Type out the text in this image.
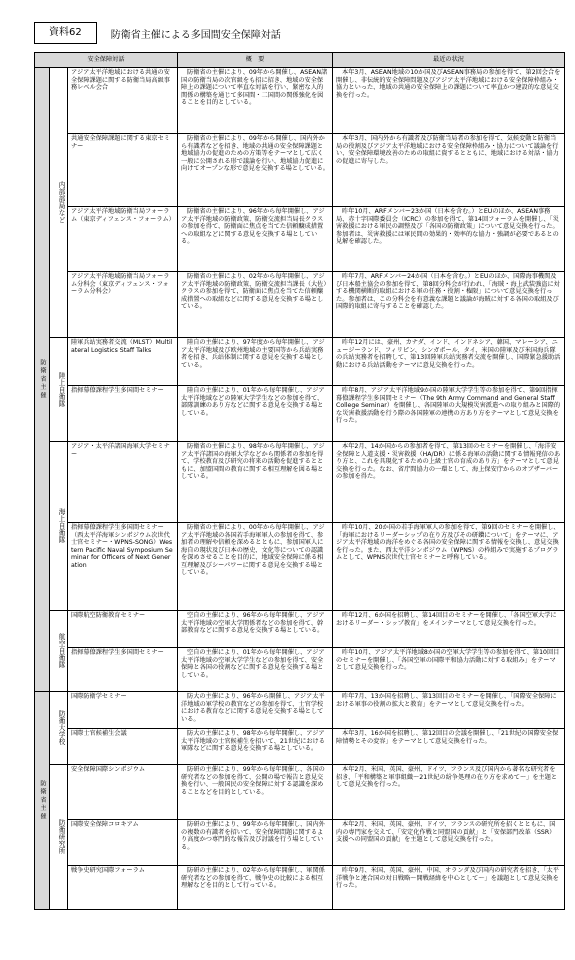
資料62	防衛省主催による多国間安全保障対話
安全保障対話			概　要	最近の状況
防衛省主催	内部部局など	アジア太平洋地域における共通の安全保障課題に関する防衛当局高級事務レベル会合	防衛省の主催により、09年から開催し、ASEAN諸国の防衛当局の次官級をも招に招き、地域の安全保障上の課題について率直な対話を行い、緊密な人的関係の構築を通じて多国間・二国間の関係強化を図ることを目的としている。	本年3月、ASEAN地域の10か国及びASEAN事務局の参加を得て、第2回会合を開催し、非伝統的安全保障問題及びアジア太平洋地域における安全保障枠組み・協力といった、地域の共通の安全保障上の課題について率直かつ建設的な意見交換を行った。
		共通安全保障課題に関する東京セミナー	防衛省の主催により、09年から開催し、国内外から有識者などを招き、地域の共通の安全保障課題と地域協力の促進のための方策等をテーマとして広く一般に公開される形で議論を行い、地域協力促進に向けてオープンな形で意見を交換する場としている。	本年3月、国内外から有識者及び防衛当局者の参加を得て、気候変動と防衛当局の役割及びアジア太平洋地域における安全保障枠組み・協力について議論を行い、安全保障環境改善のための取組に資するとともに、地域における対話・協力の促進に寄与した。
		アジア太平洋地域防衛当局フォーラム（東京ディフェンス・フォーラム）	防衛省の主催により、96年から毎年開催し、アジア太平洋地域の防衛政策、防衛交流担当局長クラスの参加を得て、防衛面に焦点を当てた信頼醸成措置への取組などに関する意見を交換する場としている。	昨年10月、ARFメンバー23か国（日本を含む。）とEUのほか、ASEAN事務局、赤十字国際委員会（ICRC）の参加を得て、第14回フォーラムを開催し、「災害救援における軍民の調整及び「各国の防衛政策」について意見交換を行った。参加者は、災害救援には軍民間の効果的・効率的な協力・強調が必要であるとの見解を確認した。
		アジア太平洋地域防衛当局フォーラム分科会（東京ディフェンス・フォーラム分科会）	防衛省の主催により、02年から毎年開催し、アジア太平洋地域の防衛政策、防衛交流担当課長（大佐）クラスの参加を得て、防衛面に焦点を当てた信頼醸成措置への取組などに関する意見を交換する場としている。	昨年7月、ARFメンバー24か国（日本を含む。）とEUのほか、国際海事機関及び日本船主協会の参加を得て、第8回分科会が行われ、「海賊・海上武装強盗に対する機関横断的取組における軍の任務・役割・権限」について意見交換を行った。参加者は、この分科会を有意義な課題と議論が海賊に対する各国の取組及び国際的取組に寄与することを確認した。
	陸上自衛隊	陸軍兵站実務者交流（MLST）Multilateral Logistics Staff Talks	陸自の主催により、97年度から毎年開催し、アジア太平洋地域及び欧州地域の主要国等から兵站実務者を招き、兵站体制に関する意見を交換する場としている。	昨年12月には、豪州、カナダ、インド、インドネシア、韓国、マレーシア、ニュージーランド、フィリピン、シンガポール、タイ、米国の陸軍及び米国海兵隊の兵站実務者を招聘して、第13回陸軍兵站実務者交流を開催し、国際緊急援助活動における兵站活動をテーマに意見交換を行った。
		指揮幕僚課程学生多国間セミナー	陸自の主催により、01年から毎年開催し、アジア太平洋地域などの陸軍大学学生などの参加を得て、部隊訓練のあり方などに関する意見を交換する場としている。	昨年8月、アジア太平洋地域9か国の陸軍大学学生等の参加を得て、第9回指揮幕僚課程学生多国間セミナー（The 9th Army Command and General Staff College Seminar）を開催し、各国陸軍の大規模災害派遣への取り組みと国際的な災害救援活動を行う際の各国陸軍の連携の方あり方をテーマとして意見交換を行った。
	海上自衛隊	アジア・太平洋諸国海軍大学セミナー	防衛省の主催により、98年から毎年開催し、アジア太平洋諸国の海軍大学などから関係者の参加を得て、学校教育及び研究の将来の活動を促進するとともに、加盟国間の教育に関する相互理解を図る場としている。	本年2月、14か国からの参加者を得て、第13回のセミナーを開催し、「海洋安全保障と人道支援・災害救援（HA/DR）に係る海軍の活動に関する情報発信のあり方と、これを具現化するための上級士官の育成のあり方」をテーマとして意見交換を行った。なお、省庁間協力の一環として、海上保安庁からのオブザーバーの参加を得た。
		指揮幕僚課程学生多国間セミナー（西太平洋海軍シンポジウム次世代士官セミナー・WPNS-SONG）Western Pacific Naval Symposium Seminar for Officers of Next Generation	防衛省の主催により、00年から毎年開催し、アジア太平洋地域の各国若手海軍軍人の参加を得て、参加者の理解や信頼を深めるとともに、参加国軍人に海自の現状及び日本の歴史、文化等についての認識を深めさせることを目的に、地域安全保障に係る相互理解及びシーパワーに関する意見を交換する場としている。	昨年10月、20か国の若手海軍軍人の参加を得て、第9回のセミナーを開催し、「海軍におけるリーダーシップの在り方及びその研鑽について」をテーマに、アジア太平洋地域の海洋をめぐる各国の安全保障に関する情報を交換し、意見交換を行った。また、西太平洋シンポジウム（WPNS）の枠組みで実施するプログラムとして、WPNS次世代士官セミナーと呼称している。
	航空自衛隊	国際航空防衛教育セミナー	空自の主催により、96年から毎年開催し、アジア太平洋地域の空軍大学関係者などの参加を得て、幹部教育などに関する意見を交換する場としている。	昨年12月、6か国を招聘し、第14回目のセミナーを開催し、「各国空軍大学におけるリーダー・シップ教育」をメインテーマとして意見交換を行った。
		指揮幕僚課程学生多国間セミナー	空自の主催により、01年から毎年開催し、アジア太平洋地域の空軍大学学生などの参加を得て、安全保障と各国の役割などに関する意見を交換する場としている。	昨年10月、アジア太平洋地域8か国の空軍大学学生等の参加を得て、第10回目のセミナーを開催し、「各国空軍の国際平和協力活動に対する取組み」をテーマとして意見交換を行った。
防衛省主催	防衛大学校	国際防衛学セミナー	防大の主催により、96年から開催し、アジア太平洋地域の軍学校の教官などの参加を得て、士官学校における教育などに関する意見を交換する場としている。	昨年7月、13か国を招聘し、第13回目のセミナーを開催し、「国際安全保障における軍事の役割の拡大と教育」をテーマとして意見交換を行った。
		国際士官候補生会議	防大の主催により、98年から毎年開催し、アジア太平洋地域の士官候補生を招いて、21世紀における軍隊などに関する意見を交換する場としている。	本年3月、16か国を招聘し、第12回目の会議を開催し、「21世紀の国際安全保障情勢とその変容」をテーマとして意見交換を行った。
	防衛研究所	安全保障国際シンポジウム	防研の主催により、99年から毎年開催し、各国の研究者などの参加を得て、公開の場で報告と意見交換を行い、一般国民の安全保障に対する認識を深めることなどを目的としている。	本年2月、米国、英国、豪州、ドイツ、フランス及び国内から著名な研究者を招き、「平和構築と軍事組織～21世紀の紛争処理の在り方を求めて～」を主題として意見交換を行った。
		国際安全保障コロキアム	防研の主催により、99年から毎年開催し、国内外の複数の有識者を招いて、安全保障問題に関するより高度かつ専門的な報告及び討議を行う場としている。	本年2月、米国、英国、豪州、ドイツ、フランスの研究所を招くとともに、国内の専門家を交えて、「安定化作戦と同盟国の貢献」と「安保部門改革（SSR）支援への同盟国の貢献」を主題として意見交換を行った。
		戦争史研究国際フォーラム	防研の主催により、02年から毎年開催し、軍関係研究者などの参加を得て、戦争史の比較による相互理解などを目的として行っている。	昨年9月、米国、英国、豪州、中国、オランダ及び国内の研究者を招き、「太平洋戦争と連合国の対日戦略～開戦経緯を中心として～」を議題として意見交換を行った。
